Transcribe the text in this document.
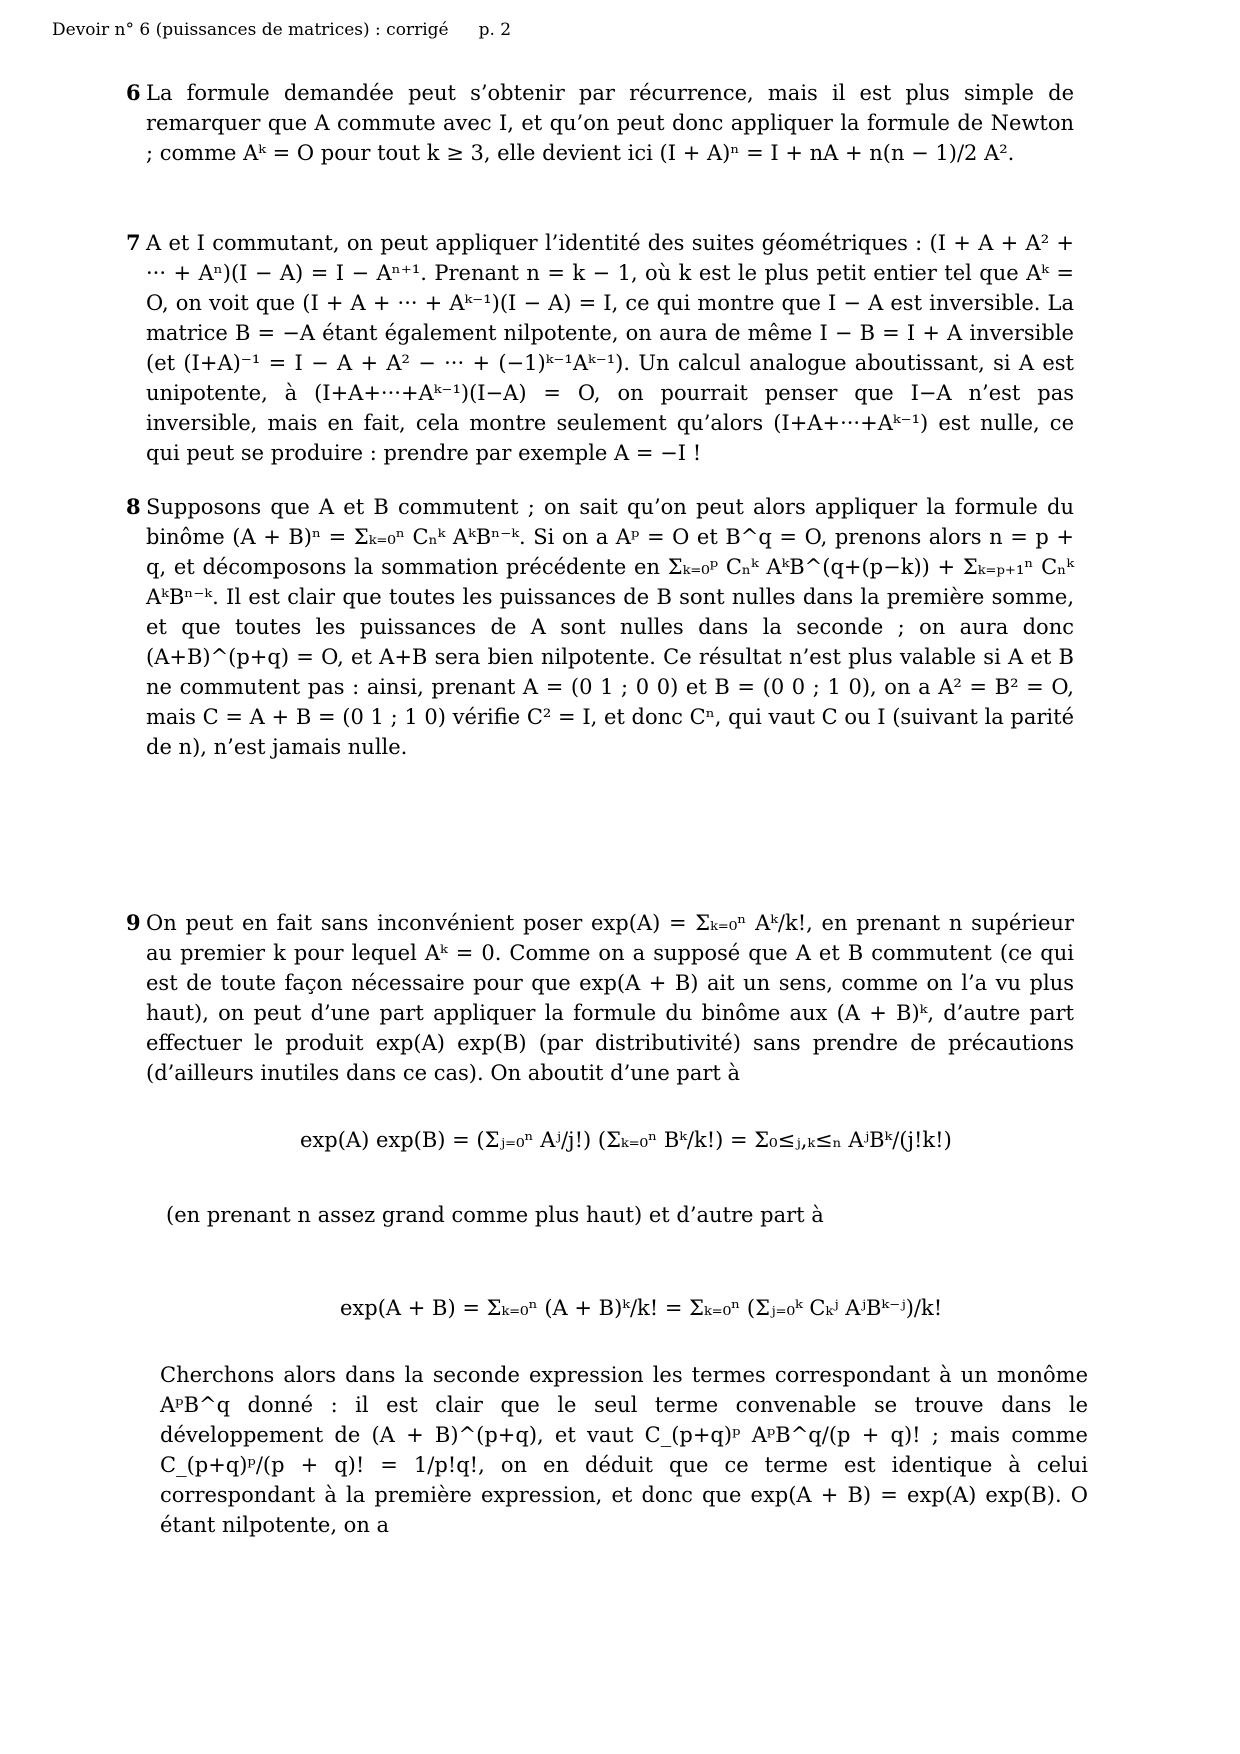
Devoir n° 6 (puissances de matrices) : corrigé p. 2
6 La formule demandée peut s’obtenir par récurrence, mais il est plus simple de remarquer que A commute avec I, et qu’on peut donc appliquer la formule de Newton ; comme Aᵏ = O pour tout k ≥ 3, elle devient ici (I + A)ⁿ = I + nA + n(n − 1)/2 A².

7 A et I commutant, on peut appliquer l’identité des suites géométriques : (I + A + A² + ··· + Aⁿ)(I − A) = I − Aⁿ⁺¹. Prenant n = k − 1, où k est le plus petit entier tel que Aᵏ = O, on voit que (I + A + ··· + Aᵏ⁻¹)(I − A) = I, ce qui montre que I − A est inversible. La matrice B = −A étant également nilpotente, on aura de même I − B = I + A inversible (et (I+A)⁻¹ = I − A + A² − ··· + (−1)ᵏ⁻¹Aᵏ⁻¹). Un calcul analogue aboutissant, si A est unipotente, à (I+A+···+Aᵏ⁻¹)(I−A) = O, on pourrait penser que I−A n’est pas inversible, mais en fait, cela montre seulement qu’alors (I+A+···+Aᵏ⁻¹) est nulle, ce qui peut se produire : prendre par exemple A = −I !

8 Supposons que A et B commutent ; on sait qu’on peut alors appliquer la formule du binôme (A + B)ⁿ = Σₖ₌₀ⁿ Cₙᵏ AᵏBⁿ⁻ᵏ. Si on a Aᵖ = O et B^q = O, prenons alors n = p + q, et décomposons la sommation précédente en Σₖ₌₀ᵖ Cₙᵏ AᵏB^(q+(p−k)) + Σₖ₌ₚ₊₁ⁿ Cₙᵏ AᵏBⁿ⁻ᵏ. Il est clair que toutes les puissances de B sont nulles dans la première somme, et que toutes les puissances de A sont nulles dans la seconde ; on aura donc (A+B)^(p+q) = O, et A+B sera bien nilpotente. Ce résultat n’est plus valable si A et B ne commutent pas : ainsi, prenant A = (0 1 ; 0 0) et B = (0 0 ; 1 0), on a A² = B² = O, mais C = A + B = (0 1 ; 1 0) vérifie C² = I, et donc Cⁿ, qui vaut C ou I (suivant la parité de n), n’est jamais nulle.

9 On peut en fait sans inconvénient poser exp(A) = Σₖ₌₀ⁿ Aᵏ/k!, en prenant n supérieur au premier k pour lequel Aᵏ = 0. Comme on a supposé que A et B commutent (ce qui est de toute façon nécessaire pour que exp(A + B) ait un sens, comme on l’a vu plus haut), on peut d’une part appliquer la formule du binôme aux (A + B)ᵏ, d’autre part effectuer le produit exp(A) exp(B) (par distributivité) sans prendre de précautions (d’ailleurs inutiles dans ce cas). On aboutit d’une part à

exp(A) exp(B) = (Σⱼ₌₀ⁿ Aʲ/j!) (Σₖ₌₀ⁿ Bᵏ/k!) = Σ₀≤ⱼ,ₖ≤ₙ AʲBᵏ/(j!k!)
(en prenant n assez grand comme plus haut) et d’autre part à
exp(A + B) = Σₖ₌₀ⁿ (A + B)ᵏ/k! = Σₖ₌₀ⁿ (Σⱼ₌₀ᵏ Cₖʲ AʲBᵏ⁻ʲ)/k!
Cherchons alors dans la seconde expression les termes correspondant à un monôme AᵖB^q donné : il est clair que le seul terme convenable se trouve dans le développement de (A + B)^(p+q), et vaut C_(p+q)ᵖ AᵖB^q/(p + q)! ; mais comme C_(p+q)ᵖ/(p + q)! = 1/p!q!, on en déduit que ce terme est identique à celui correspondant à la première expression, et donc que exp(A + B) = exp(A) exp(B). O étant nilpotente, on a
